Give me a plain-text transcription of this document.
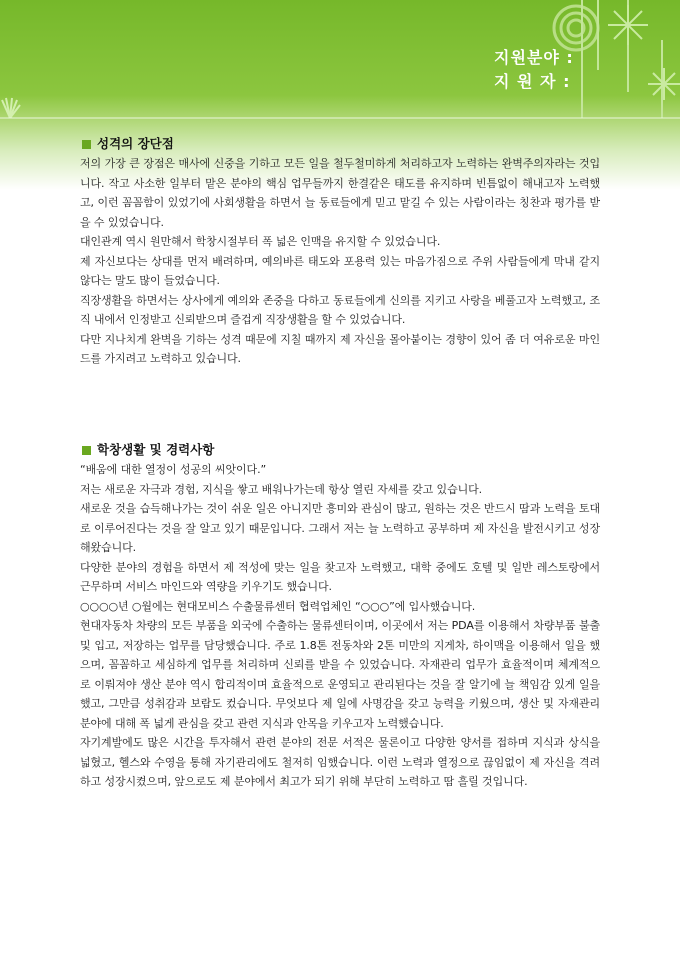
지원분야 :
지 원 자 :
성격의 장단점

저의 가장 큰 장점은 매사에 신중을 기하고 모든 일을 철두철미하게 처리하고자 노력하는 완벽주의자라는 것입니다. 작고 사소한 일부터 맡은 분야의 핵심 업무들까지 한결같은 태도를 유지하며 빈틈없이 해내고자 노력했고, 이런 꼼꼼함이 있었기에 사회생활을 하면서 늘 동료들에게 믿고 맡길 수 있는 사람이라는 칭찬과 평가를 받을 수 있었습니다.

대인관계 역시 원만해서 학창시절부터 폭 넓은 인맥을 유지할 수 있었습니다.

제 자신보다는 상대를 먼저 배려하며, 예의바른 태도와 포용력 있는 마음가짐으로 주위 사람들에게 막내 같지 않다는 말도 많이 들었습니다.

직장생활을 하면서는 상사에게 예의와 존중을 다하고 동료들에게 신의를 지키고 사랑을 베풀고자 노력했고, 조직 내에서 인정받고 신뢰받으며 즐겁게 직장생활을 할 수 있었습니다.

다만 지나치게 완벽을 기하는 성격 때문에 지칠 때까지 제 자신을 몰아붙이는 경향이 있어 좀 더 여유로운 마인드를 가지려고 노력하고 있습니다.

학창생활 및 경력사항

“배움에 대한 열정이 성공의 씨앗이다.”

저는 새로운 자극과 경험, 지식을 쌓고 배워나가는데 항상 열린 자세를 갖고 있습니다.

새로운 것을 습득해나가는 것이 쉬운 일은 아니지만 흥미와 관심이 많고, 원하는 것은 반드시 땀과 노력을 토대로 이루어진다는 것을 잘 알고 있기 때문입니다. 그래서 저는 늘 노력하고 공부하며 제 자신을 발전시키고 성장해왔습니다.

다양한 분야의 경험을 하면서 제 적성에 맞는 일을 찾고자 노력했고, 대학 중에도 호텔 및 일반 레스토랑에서 근무하며 서비스 마인드와 역량을 키우기도 했습니다.

○○○○년 ○월에는 현대모비스 수출물류센터 협력업체인 “○○○”에 입사했습니다.

현대자동차 차량의 모든 부품을 외국에 수출하는 물류센터이며, 이곳에서 저는 PDA를 이용해서 차량부품 불출 및 입고, 저장하는 업무를 담당했습니다. 주로 1.8톤 전동차와 2톤 미만의 지게차, 하이맥을 이용해서 일을 했으며, 꼼꼼하고 세심하게 업무를 처리하며 신뢰를 받을 수 있었습니다. 자재관리 업무가 효율적이며 체계적으로 이뤄져야 생산 분야 역시 합리적이며 효율적으로 운영되고 관리된다는 것을 잘 알기에 늘 책임감 있게 일을 했고, 그만큼 성취감과 보람도 컸습니다. 무엇보다 제 일에 사명감을 갖고 능력을 키웠으며, 생산 및 자재관리 분야에 대해 폭 넓게 관심을 갖고 관련 지식과 안목을 키우고자 노력했습니다.

자기계발에도 많은 시간을 투자해서 관련 분야의 전문 서적은 물론이고 다양한 양서를 접하며 지식과 상식을 넓혔고, 헬스와 수영을 통해 자기관리에도 철저히 임했습니다. 이런 노력과 열정으로 끊임없이 제 자신을 격려하고 성장시켰으며, 앞으로도 제 분야에서 최고가 되기 위해 부단히 노력하고 땀 흘릴 것입니다.
